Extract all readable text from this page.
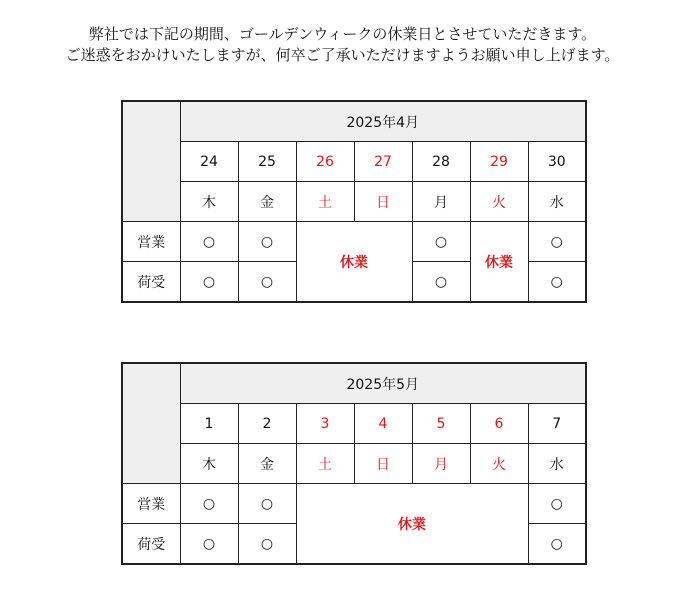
弊社では下記の期間、ゴールデンウィークの休業日とさせていただきます。
ご迷惑をおかけいたしますが、何卒ご了承いただけますようお願い申し上げます。
	2025年4月						
	24	25	26	27	28	29	30
	木	金	土	日	月	火	水
営業	○	○	休業		○	休業	○
荷受	○	○			○		○
	2025年5月						
	1	2	3	4	5	6	7
	木	金	土	日	月	火	水
営業	○	○	休業				○
荷受	○	○					○
